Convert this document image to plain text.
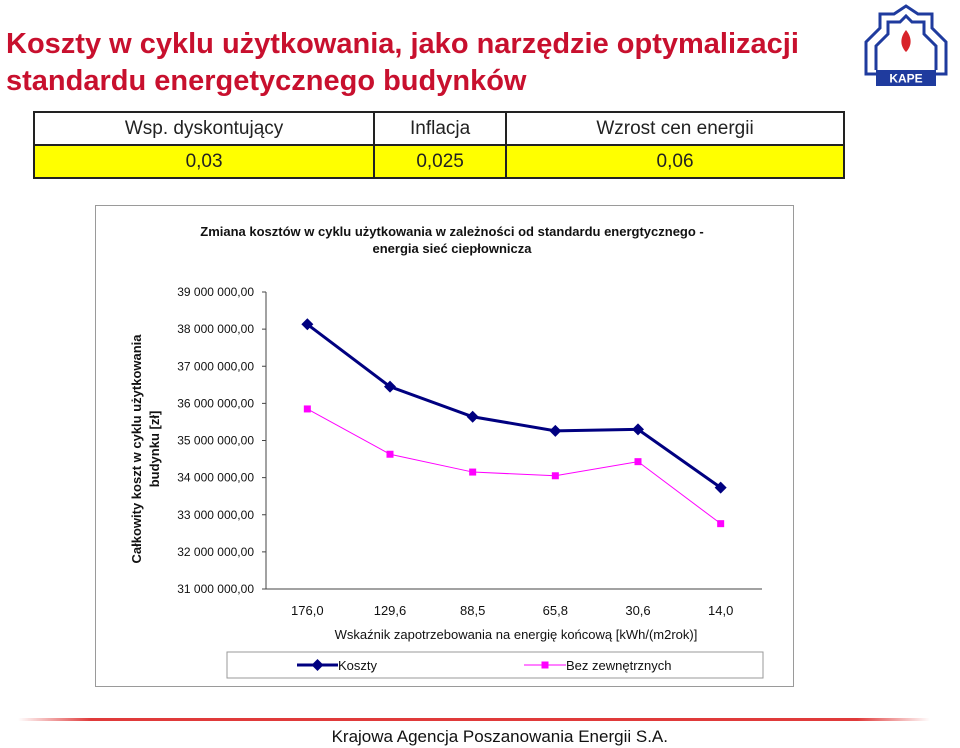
Koszty w cyklu użytkowania, jako narzędzie optymalizacji standardu energetycznego budynków	KAPE
Wsp. dyskontujący	Inflacja	Wzrost cen energii
0,03	0,025	0,06
Zmiana kosztów w cyklu użytkowania w zależności od standardu energtycznego -
energia sieć ciepłownicza
Całkowity koszt w cyklu użytkowania budynku [zł]
39 000 000,00
38 000 000,00
37 000 000,00
36 000 000,00
35 000 000,00
34 000 000,00
33 000 000,00
32 000 000,00
31 000 000,00
176,0	129,6	88,5	65,8	30,6	14,0
Wskaźnik zapotrzebowania na energię końcową [kWh/(m2rok)]
Koszty	Bez zewnętrznych
Krajowa Agencja Poszanowania Energii S.A.
